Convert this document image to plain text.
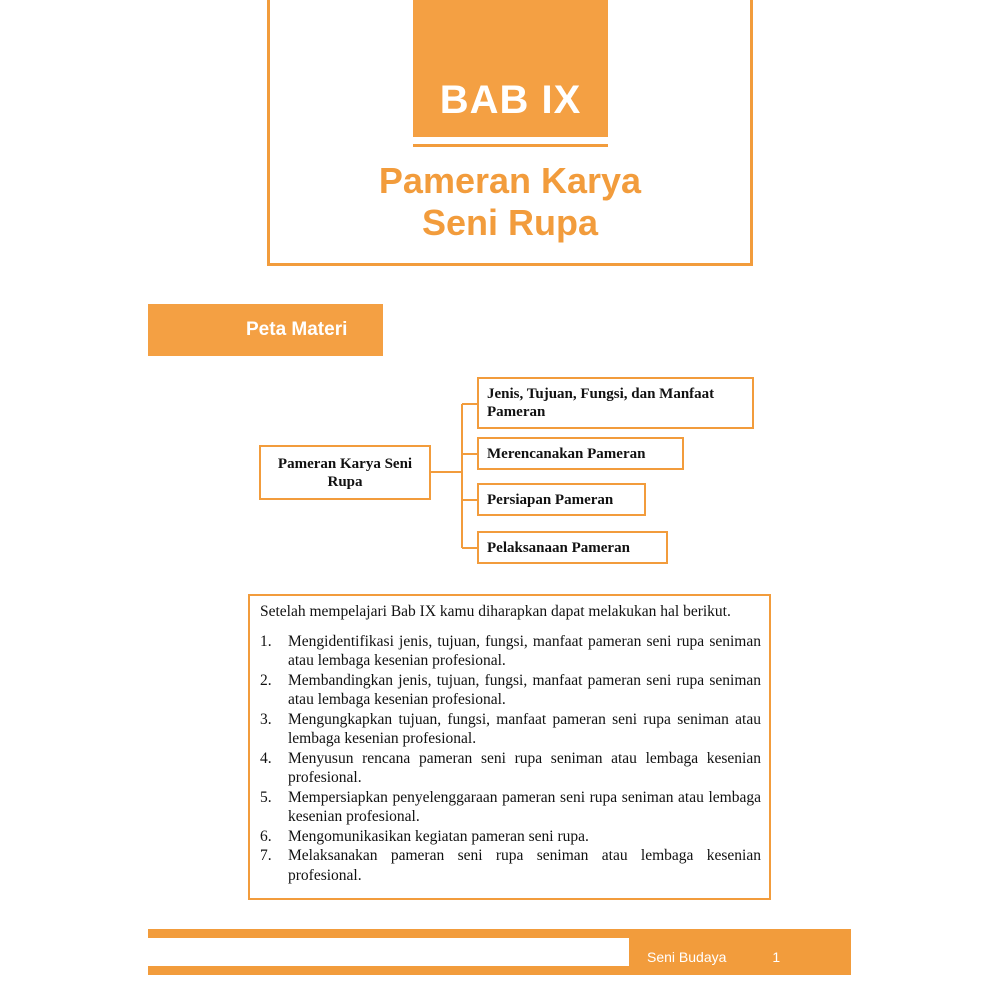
BAB IX
Pameran Karya
Seni Rupa
Peta Materi
Pameran Karya Seni Rupa
Jenis, Tujuan, Fungsi, dan Manfaat Pameran
Merencanakan Pameran
Persiapan Pameran
Pelaksanaan Pameran

Setelah mempelajari Bab IX kamu diharapkan dapat melakukan hal berikut.

1.	Mengidentifikasi jenis, tujuan, fungsi, manfaat pameran seni rupa seniman atau lembaga kesenian profesional.
2.	Membandingkan jenis, tujuan, fungsi, manfaat pameran seni rupa seniman atau lembaga kesenian profesional.
3.	Mengungkapkan tujuan, fungsi, manfaat pameran seni rupa seniman atau lembaga kesenian profesional.
4.	Menyusun rencana pameran seni rupa seniman atau lembaga kesenian profesional.
5.	Mempersiapkan penyelenggaraan pameran seni rupa seniman atau lembaga kesenian profesional.
6.	Mengomunikasikan kegiatan pameran seni rupa.
7.	Melaksanakan pameran seni rupa seniman atau lembaga kesenian profesional.
Seni Budaya	1
